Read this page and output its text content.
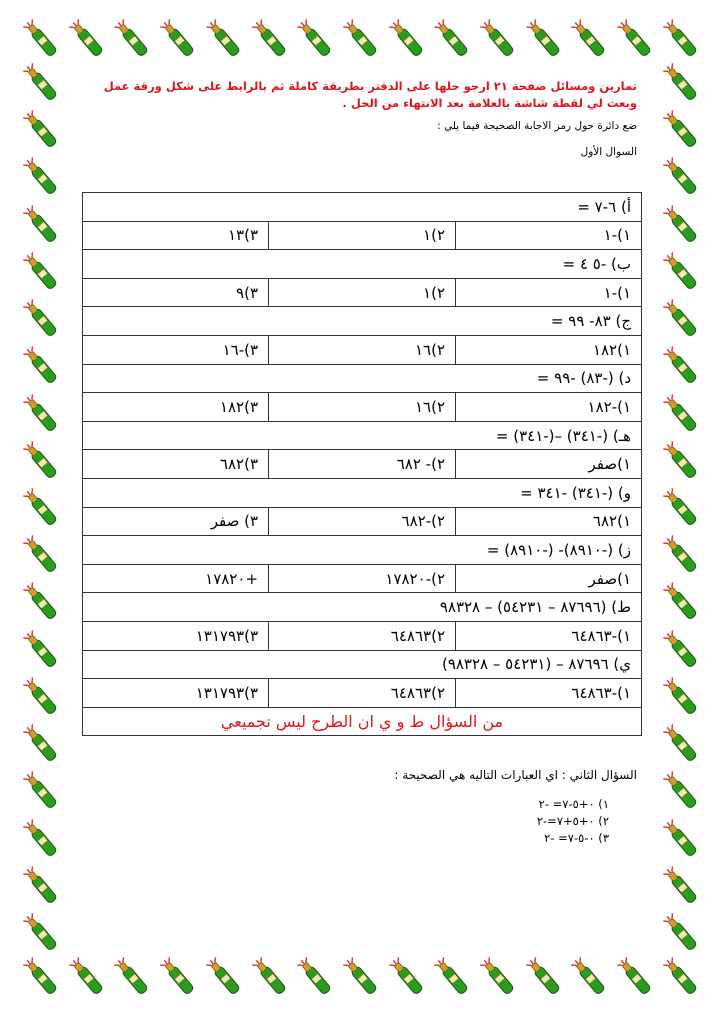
تمارين ومسائل صفحة ٢١ ارجو حلها على الدفتر بطريقة كاملة ثم بالرابط على شكل ورقة عمل وبعث لي لقطة شاشة بالعلامة بعد الانتهاء من الحل .

ضع دائرة حول رمز الاجابة الصحيحة فيما يلي :

السوال الأول

أ) ٦-٧ =		
١)-١	٢)١	٣)١٣
ب) -٥ ٤ =		
١)-١	٢)١	٣)٩
ج) ٨٣- ٩٩ =		
١)١٨٢	٢)١٦	٣)-١٦
د) (-٨٣) -٩٩ =		
١)-١٨٢	٢)١٦	٣)١٨٢
هـ) (-٣٤١) –(-٣٤١) =		
١)صفر	٢)- ٦٨٢	٣)٦٨٢
و) (-٣٤١) -٣٤١ =		
١)٦٨٢	٢)-٦٨٢	٣) صفر
ز) (-٨٩١٠)- (-٨٩١٠) =		
١)صفر	٢)-١٧٨٢٠	+١٧٨٢٠
ط) (٨٧٦٩٦ – ٥٤٢٣١) – ٩٨٣٢٨		
١)-٦٤٨٦٣	٢)٦٤٨٦٣	٣)١٣١٧٩٣
ي) ٨٧٦٩٦ – (٥٤٢٣١ – ٩٨٣٢٨)		
١)-٦٤٨٦٣	٢)٦٤٨٦٣	٣)١٣١٧٩٣
من السؤال ط و ي ان الطرح ليس تجميعي		
السؤال الثاني : اي العبارات التاليه هي الصحيحة :
١) ٠+٥-٧= -٢
٢) ٠+٥+٧=-٢
٣) ٠-٥-٧= -٢
